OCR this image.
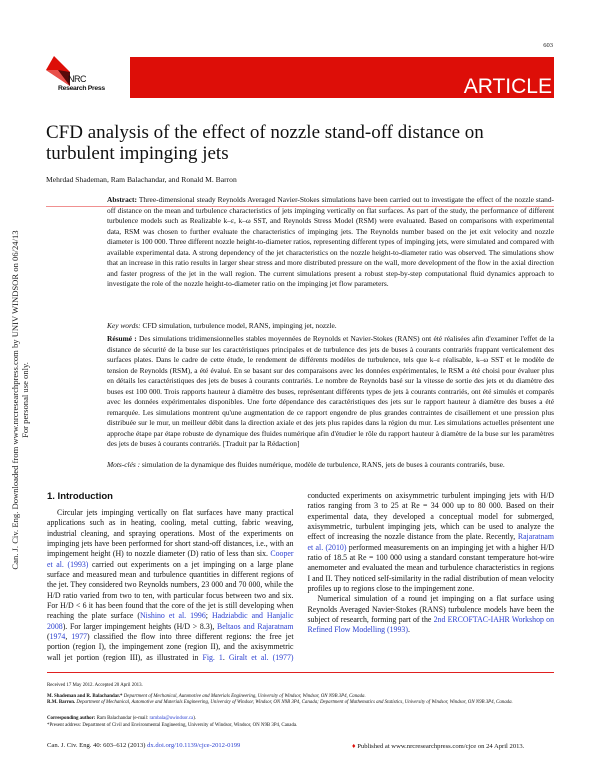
Can. J. Civ. Eng. Downloaded from www.nrcresearchpress.com by UNIV WINDSOR on 06/24/13 For personal use only.
603
NRC
Research Press	ARTICLE
CFD analysis of the effect of nozzle stand-off distance on turbulent impinging jets
Mehrdad Shademan, Ram Balachandar, and Ronald M. Barron
Abstract: Three-dimensional steady Reynolds Averaged Navier-Stokes simulations have been carried out to investigate the effect of the nozzle stand-off distance on the mean and turbulence characteristics of jets impinging vertically on flat surfaces. As part of the study, the performance of different turbulence models such as Realizable k–ε, k–ω SST, and Reynolds Stress Model (RSM) were evaluated. Based on comparisons with experimental data, RSM was chosen to further evaluate the characteristics of impinging jets. The Reynolds number based on the jet exit velocity and nozzle diameter is 100 000. Three different nozzle height-to-diameter ratios, representing different types of impinging jets, were simulated and compared with available experimental data. A strong dependency of the jet characteristics on the nozzle height-to-diameter ratio was observed. The simulations show that an increase in this ratio results in larger shear stress and more distributed pressure on the wall, more development of the flow in the axial direction and faster progress of the jet in the wall region. The current simulations present a robust step-by-step computational fluid dynamics approach to investigate the role of the nozzle height-to-diameter ratio on the impinging jet flow parameters.
Key words: CFD simulation, turbulence model, RANS, impinging jet, nozzle.
Résumé : Des simulations tridimensionnelles stables moyennées de Reynolds et Navier-Stokes (RANS) ont été réalisées afin d'examiner l'effet de la distance de sécurité de la buse sur les caractéristiques principales et de turbulence des jets de buses à courants contrariés frappant verticalement des surfaces plates. Dans le cadre de cette étude, le rendement de différents modèles de turbulence, tels que k–ε réalisable, k–ω SST et le modèle de tension de Reynolds (RSM), a été évalué. En se basant sur des comparaisons avec les données expérimentales, le RSM a été choisi pour évaluer plus en détails les caractéristiques des jets de buses à courants contrariés. Le nombre de Reynolds basé sur la vitesse de sortie des jets et du diamètre des buses est 100 000. Trois rapports hauteur à diamètre des buses, représentant différents types de jets à courants contrariés, ont été simulés et comparés avec les données expérimentales disponibles. Une forte dépendance des caractéristiques des jets sur le rapport hauteur à diamètre des buses a été remarquée. Les simulations montrent qu'une augmentation de ce rapport engendre de plus grandes contraintes de cisaillement et une pression plus distribuée sur le mur, un meilleur débit dans la direction axiale et des jets plus rapides dans la région du mur. Les simulations actuelles présentent une approche étape par étape robuste de dynamique des fluides numérique afin d'étudier le rôle du rapport hauteur à diamètre de la buse sur les paramètres des jets de buses à courants contrariés. [Traduit par la Rédaction]
Mots-clés : simulation de la dynamique des fluides numérique, modèle de turbulence, RANS, jets de buses à courants contrariés, buse.
1. Introduction

Circular jets impinging vertically on flat surfaces have many practical applications such as in heating, cooling, metal cutting, fabric weaving, industrial cleaning, and spraying operations. Most of the experiments on impinging jets have been performed for short stand-off distances, i.e., with an impingement height (H) to nozzle diameter (D) ratio of less than six. Cooper et al. (1993) carried out experiments on a jet impinging on a large plane surface and measured mean and turbulence quantities in different regions of the jet. They considered two Reynolds numbers, 23 000 and 70 000, while the H/D ratio varied from two to ten, with particular focus between two and six. For H/D < 6 it has been found that the core of the jet is still developing when reaching the plate surface (Nishino et al. 1996; Hadziabdic and Hanjalic 2008). For larger impingement heights (H/D > 8.3), Beltaos and Rajaratnam (1974, 1977) classified the flow into three different regions: the free jet portion (region I), the impingement zone (region II), and the axisymmetric wall jet portion (region III), as illustrated in Fig. 1. Giralt et al. (1977) conducted experiments on axisymmetric turbulent impinging jets with H/D ratios ranging from 3 to 25 at Re = 34 000 up to 80 000. Based on their experimental data, they developed a conceptual model for submerged, axisymmetric, turbulent impinging jets, which can be used to analyze the effect of increasing the nozzle distance from the plate. Recently, Rajaratnam et al. (2010) performed measurements on an impinging jet with a higher H/D ratio of 18.5 at Re = 100 000 using a standard constant temperature hot-wire anemometer and evaluated the mean and turbulence characteristics in regions I and II. They noticed self-similarity in the radial distribution of mean velocity profiles up to regions close to the impingement zone.

Numerical simulation of a round jet impinging on a flat surface using Reynolds Averaged Navier-Stokes (RANS) turbulence models have been the subject of research, forming part of the 2nd ERCOFTAC-IAHR Workshop on Refined Flow Modelling (1993).

Received 17 May 2012. Accepted 20 April 2013.
M. Shademan and R. Balachandar.* Department of Mechanical, Automotive and Materials Engineering, University of Windsor, Windsor, ON N9B 3P4, Canada.
R.M. Barron. Department of Mechanical, Automotive and Materials Engineering, University of Windsor, Windsor, ON N9B 3P4, Canada; Department of Mathematics and Statistics, University of Windsor, Windsor, ON N9B 3P4, Canada.
Corresponding author: Ram Balachandar (e-mail: rambala@uwindsor.ca).
*Present address: Department of Civil and Environmental Engineering, University of Windsor, Windsor, ON N9B 3P4, Canada.
Can. J. Civ. Eng. 40: 603–612 (2013) dx.doi.org/10.1139/cjce-2012-0199	♦ Published at www.nrcresearchpress.com/cjce on 24 April 2013.
